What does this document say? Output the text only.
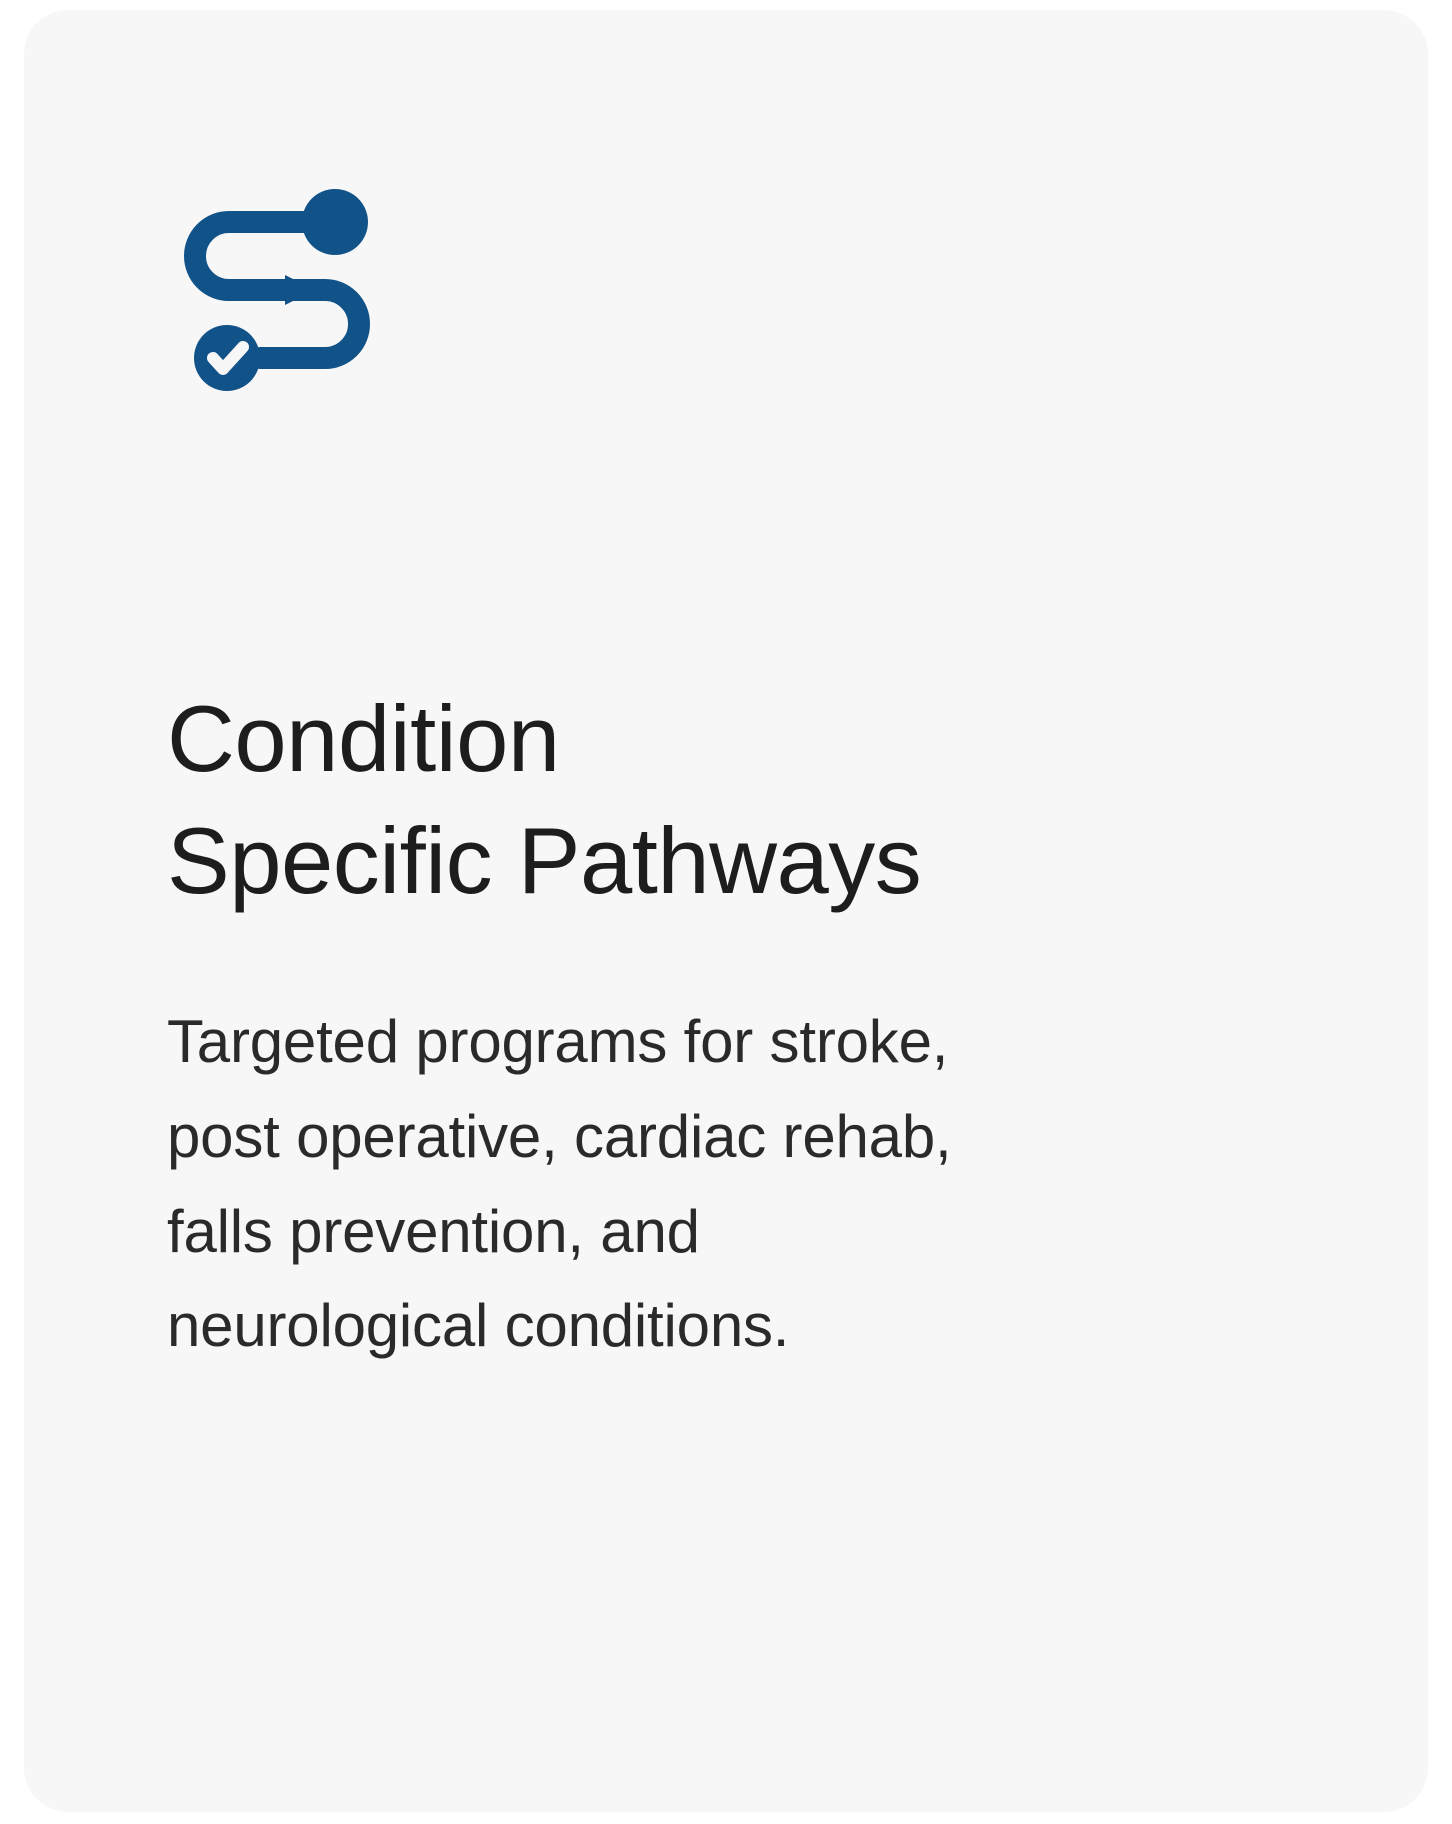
Condition
Specific Pathways

Targeted programs for stroke,
post operative, cardiac rehab,
falls prevention, and
neurological conditions.
